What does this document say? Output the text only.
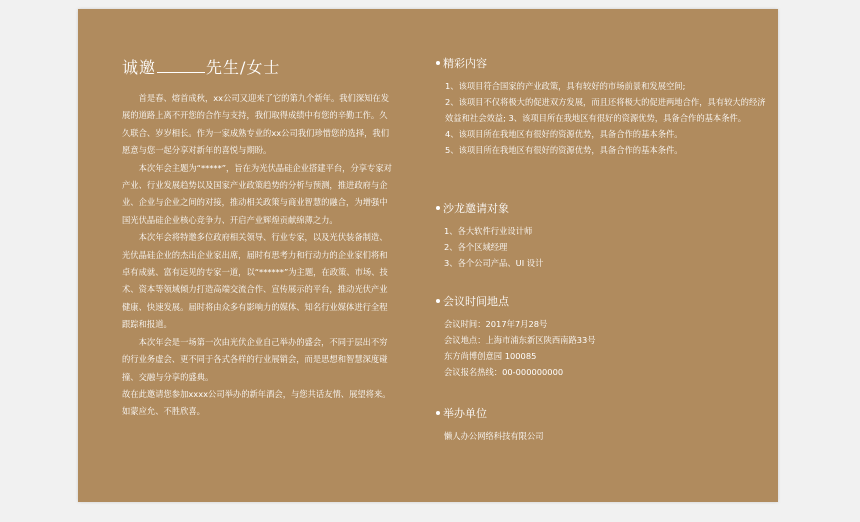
诚邀	先生/女士

首是春、熔首成秋，xx公司又迎来了它的第九个新年。我们深知在发展的道路上离不开您的合作与支持，我们取得成绩中有您的辛勤工作。久久联合、岁岁相长。作为一家成熟专业的xx公司我们珍惜您的选择，我们愿意与您一起分享对新年的喜悦与期盼。

本次年会主题为“*****”，旨在为光伏晶硅企业搭建平台，分享专家对产业、行业发展趋势以及国家产业政策趋势的分析与预测，推进政府与企业、企业与企业之间的对接，推动相关政策与商业智慧的融合，为增强中国光伏晶硅企业核心竞争力、开启产业辉煌贡献绵薄之力。

本次年会将特邀多位政府相关领导、行业专家，以及光伏装备制造、光伏晶硅企业的杰出企业家出席，届时有思考力和行动力的企业家们将和卓有成就、富有远见的专家一道，以“******”为主题，在政策、市场、技术、资本等领域倾力打造高端交流合作、宣传展示的平台，推动光伏产业健康、快速发展。届时将由众多有影响力的媒体、知名行业媒体进行全程跟踪和报道。

本次年会是一场第一次由光伏企业自己举办的盛会，不同于层出不穷的行业务虚会、更不同于各式各样的行业展销会，而是思想和智慧深度碰撞、交融与分享的盛典。

故在此邀请您参加xxxx公司举办的新年酒会，与您共话友情、展望将来。如蒙应允、不胜欣喜。

精彩内容
1、该项目符合国家的产业政策，具有较好的市场前景和发展空间;
2、该项目不仅将极大的促进双方发展，而且还将极大的促进两地合作，具有较大的经济效益和社会效益; 3、该项目所在我地区有很好的资源优势，具备合作的基本条件。
4、该项目所在我地区有很好的资源优势，具备合作的基本条件。
5、该项目所在我地区有很好的资源优势，具备合作的基本条件。
沙龙邀请对象
1、各大软件行业设计师
2、各个区域经理
3、各个公司产品、UI 设计
会议时间地点
会议时间：2017年7月28号
会议地点：上海市浦东新区陕西南路33号
东方尚博创意园 100085
会议报名热线：00-000000000
举办单位
懒人办公网络科技有限公司
